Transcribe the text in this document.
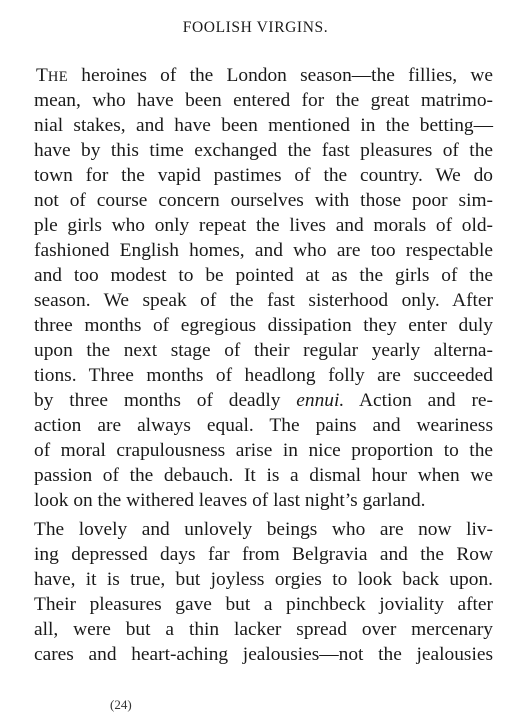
FOOLISH VIRGINS.
THE heroines of the London season—the fillies, we
mean, who have been entered for the great matrimo-
nial stakes, and have been mentioned in the betting—
have by this time exchanged the fast pleasures of the
town for the vapid pastimes of the country. We do
not of course concern ourselves with those poor sim-
ple girls who only repeat the lives and morals of old-
fashioned English homes, and who are too respectable
and too modest to be pointed at as the girls of the
season. We speak of the fast sisterhood only. After
three months of egregious dissipation they enter duly
upon the next stage of their regular yearly alterna-
tions. Three months of headlong folly are succeeded
by three months of deadly ennui. Action and re-
action are always equal. The pains and weariness
of moral crapulousness arise in nice proportion to the
passion of the debauch. It is a dismal hour when we
look on the withered leaves of last night’s garland.
The lovely and unlovely beings who are now liv-
ing depressed days far from Belgravia and the Row
have, it is true, but joyless orgies to look back upon.
Their pleasures gave but a pinchbeck joviality after
all, were but a thin lacker spread over mercenary
cares and heart-aching jealousies—not the jealousies
(24)
